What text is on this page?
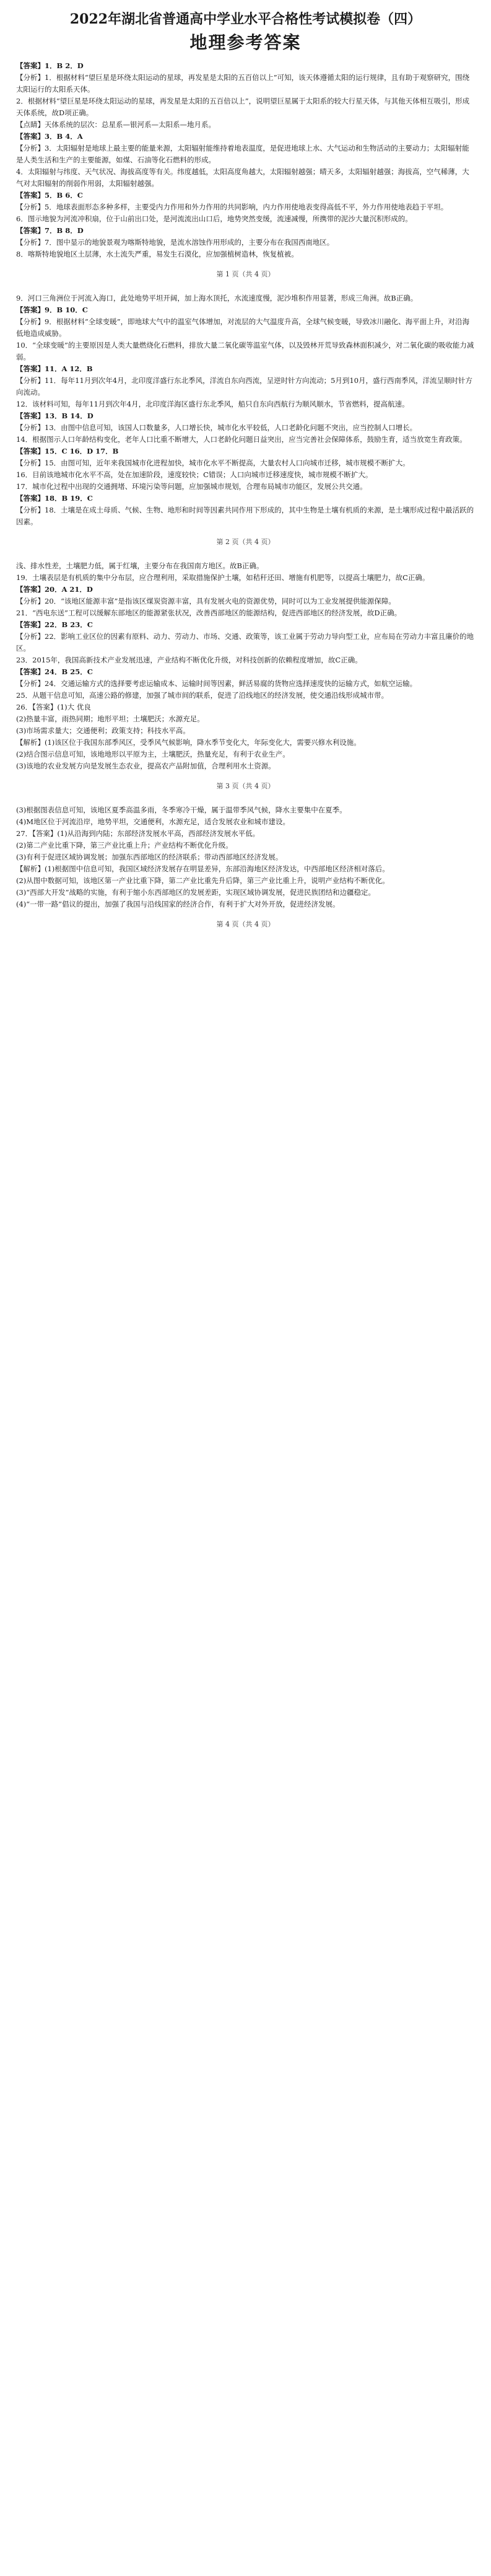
2022年湖北省普通高中学业水平合格性考试模拟卷（四）
地理参考答案

【答案】1．B 2．D

【分析】1．根据材料“望巨星是环绕太阳运动的星球，再发星是太阳的五百倍以上”可知，该天体遵循太阳的运行规律，且有助于观察研究，围绕太阳运行的太阳系天体。

2．根据材料“望巨星是环绕太阳运动的星球，再发星是太阳的五百倍以上”，说明望巨星属于太阳系的较大行星天体，与其他天体相互吸引，形成天体系统，故D项正确。

【点睛】天体系统的层次：总星系—银河系—太阳系—地月系。

【答案】3．B 4．A

【分析】3．太阳辐射是地球上最主要的能量来源，太阳辐射能维持着地表温度，是促进地球上水、大气运动和生物活动的主要动力；太阳辐射能是人类生活和生产的主要能源，如煤、石油等化石燃料的形成。

4．太阳辐射与纬度、天气状况、海拔高度等有关。纬度越低，太阳高度角越大，太阳辐射越强；晴天多，太阳辐射越强；海拔高，空气稀薄，大气对太阳辐射的削弱作用弱，太阳辐射越强。

【答案】5．B 6．C

【分析】5．地球表面形态多种多样，主要受内力作用和外力作用的共同影响，内力作用使地表变得高低不平，外力作用使地表趋于平坦。

6．图示地貌为河流冲积扇，位于山前出口处，是河流流出山口后，地势突然变缓，流速减慢，所携带的泥沙大量沉积形成的。

【答案】7．B 8．D

【分析】7．图中显示的地貌景观为喀斯特地貌，是流水溶蚀作用形成的，主要分布在我国西南地区。

8．喀斯特地貌地区土层薄，水土流失严重，易发生石漠化，应加强植树造林，恢复植被。

第 1 页（共 4 页）

9．河口三角洲位于河流入海口，此处地势平坦开阔，加上海水顶托，水流速度慢，泥沙堆积作用显著，形成三角洲。故B正确。

【答案】9．B 10．C

【分析】9．根据材料“全球变暖”，即地球大气中的温室气体增加，对流层的大气温度升高，全球气候变暖，导致冰川融化、海平面上升，对沿海低地造成威胁。

10．“全球变暖”的主要原因是人类大量燃烧化石燃料，排放大量二氧化碳等温室气体，以及毁林开荒导致森林面积减少，对二氧化碳的吸收能力减弱。

【答案】11．A 12．B

【分析】11．每年11月到次年4月，北印度洋盛行东北季风，洋流自东向西流，呈逆时针方向流动；5月到10月，盛行西南季风，洋流呈顺时针方向流动。

12．该材料可知，每年11月到次年4月，北印度洋海区盛行东北季风，船只自东向西航行为顺风顺水，节省燃料，提高航速。

【答案】13．B 14．D

【分析】13．由图中信息可知，该国人口数量多，人口增长快，城市化水平较低，人口老龄化问题不突出，应当控制人口增长。

14．根据图示人口年龄结构变化，老年人口比重不断增大，人口老龄化问题日益突出，应当完善社会保障体系，鼓励生育，适当放宽生育政策。

【答案】15．C 16．D 17．B

【分析】15．由图可知，近年来我国城市化进程加快，城市化水平不断提高，大量农村人口向城市迁移，城市规模不断扩大。

16．目前该地城市化水平不高，处在加速阶段，速度较快；C错误；人口向城市迁移速度快，城市规模不断扩大。

17．城市化过程中出现的交通拥堵、环境污染等问题，应加强城市规划，合理布局城市功能区，发展公共交通。

【答案】18．B 19．C

【分析】18．土壤是在成土母质、气候、生物、地形和时间等因素共同作用下形成的，其中生物是土壤有机质的来源，是土壤形成过程中最活跃的因素。

第 2 页（共 4 页）

浅、排水性差，土壤肥力低，属于红壤，主要分布在我国南方地区。故B正确。

19．土壤表层是有机质的集中分布层，应合理利用，采取措施保护土壤，如秸秆还田、增施有机肥等，以提高土壤肥力，故C正确。

【答案】20．A 21．D

【分析】20．“该地区能源丰富”是指该区煤炭资源丰富，具有发展火电的资源优势，同时可以为工业发展提供能源保障。

21．“西电东送”工程可以缓解东部地区的能源紧张状况，改善西部地区的能源结构，促进西部地区的经济发展，故D正确。

【答案】22．B 23．C

【分析】22．影响工业区位的因素有原料、动力、劳动力、市场、交通、政策等，该工业属于劳动力导向型工业，应布局在劳动力丰富且廉价的地区。

23．2015年，我国高新技术产业发展迅速，产业结构不断优化升级，对科技创新的依赖程度增加，故C正确。

【答案】24．B 25．C

【分析】24．交通运输方式的选择要考虑运输成本、运输时间等因素，鲜活易腐的货物应选择速度快的运输方式，如航空运输。

25．从题干信息可知，高速公路的修建，加强了城市间的联系，促进了沿线地区的经济发展，使交通沿线形成城市带。

26．【答案】(1)大 优良

(2)热量丰富，雨热同期；地形平坦；土壤肥沃；水源充足。

(3)市场需求量大；交通便利；政策支持；科技水平高。

【解析】(1)该区位于我国东部季风区，受季风气候影响，降水季节变化大，年际变化大，需要兴修水利设施。

(2)结合图示信息可知，该地地形以平原为主，土壤肥沃，热量充足，有利于农业生产。

(3)该地的农业发展方向是发展生态农业，提高农产品附加值，合理利用水土资源。

第 3 页（共 4 页）

(3)根据图表信息可知，该地区夏季高温多雨，冬季寒冷干燥，属于温带季风气候，降水主要集中在夏季。

(4)M地区位于河流沿岸，地势平坦，交通便利，水源充足，适合发展农业和城市建设。

27．【答案】(1)从沿海到内陆；东部经济发展水平高，西部经济发展水平低。

(2)第二产业比重下降，第三产业比重上升；产业结构不断优化升级。

(3)有利于促进区域协调发展；加强东西部地区的经济联系；带动西部地区经济发展。

【解析】(1)根据图中信息可知，我国区域经济发展存在明显差异，东部沿海地区经济发达，中西部地区经济相对落后。

(2)从图中数据可知，该地区第一产业比重下降，第二产业比重先升后降，第三产业比重上升，说明产业结构不断优化。

(3)“西部大开发”战略的实施，有利于缩小东西部地区的发展差距，实现区域协调发展，促进民族团结和边疆稳定。

(4)“一带一路”倡议的提出，加强了我国与沿线国家的经济合作，有利于扩大对外开放，促进经济发展。

第 4 页（共 4 页）
